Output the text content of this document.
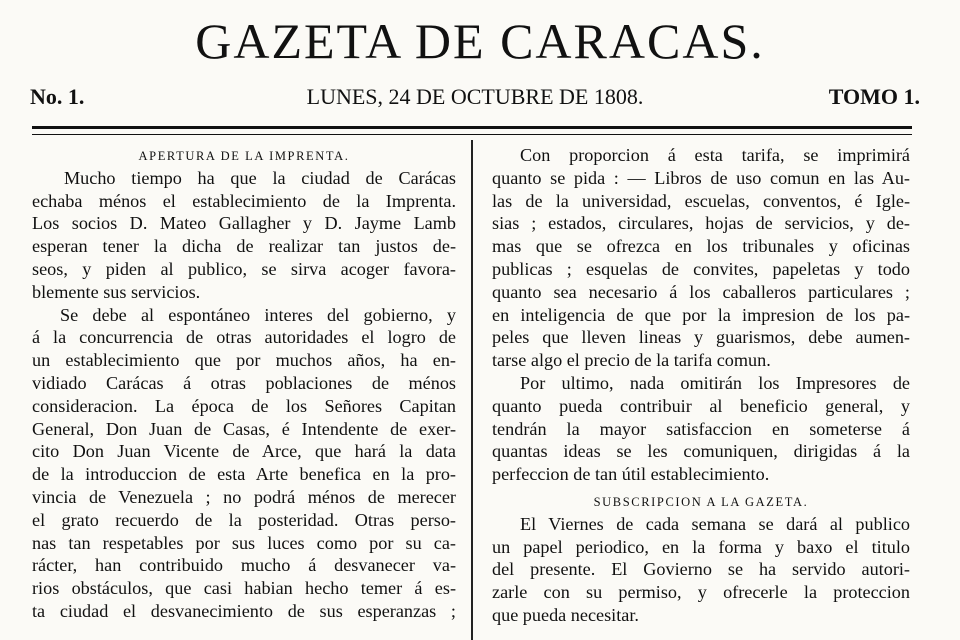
GAZETA DE CARACAS.
LUNES, 24 DE OCTUBRE DE 1808.
No. 1.	TOMO 1.
APERTURA DE LA IMPRENTA.
Mucho tiempo ha que la ciudad de Carácas
echaba ménos el establecimiento de la Imprenta.
Los socios D. Mateo Gallagher y D. Jayme Lamb
esperan tener la dicha de realizar tan justos de-
seos, y piden al publico, se sirva acoger favora-
blemente sus servicios.
Se debe al espontáneo interes del gobierno, y
á la concurrencia de otras autoridades el logro de
un establecimiento que por muchos años, ha en-
vidiado Carácas á otras poblaciones de ménos
consideracion. La época de los Señores Capitan
General, Don Juan de Casas, é Intendente de exer-
cito Don Juan Vicente de Arce, que hará la data
de la introduccion de esta Arte benefica en la pro-
vincia de Venezuela ; no podrá ménos de merecer
el grato recuerdo de la posteridad. Otras perso-
nas tan respetables por sus luces como por su ca-
rácter, han contribuido mucho á desvanecer va-
rios obstáculos, que casi habian hecho temer á es-
ta ciudad el desvanecimiento de sus esperanzas ;
Con proporcion á esta tarifa, se imprimirá
quanto se pida : — Libros de uso comun en las Au-
las de la universidad, escuelas, conventos, é Igle-
sias ; estados, circulares, hojas de servicios, y de-
mas que se ofrezca en los tribunales y oficinas
publicas ; esquelas de convites, papeletas y todo
quanto sea necesario á los caballeros particulares ;
en inteligencia de que por la impresion de los pa-
peles que lleven lineas y guarismos, debe aumen-
tarse algo el precio de la tarifa comun.
Por ultimo, nada omitirán los Impresores de
quanto pueda contribuir al beneficio general, y
tendrán la mayor satisfaccion en someterse á
quantas ideas se les comuniquen, dirigidas á la
perfeccion de tan útil establecimiento.
SUBSCRIPCION A LA GAZETA.
El Viernes de cada semana se dará al publico
un papel periodico, en la forma y baxo el titulo
del presente. El Govierno se ha servido autori-
zarle con su permiso, y ofrecerle la proteccion
que pueda necesitar.
